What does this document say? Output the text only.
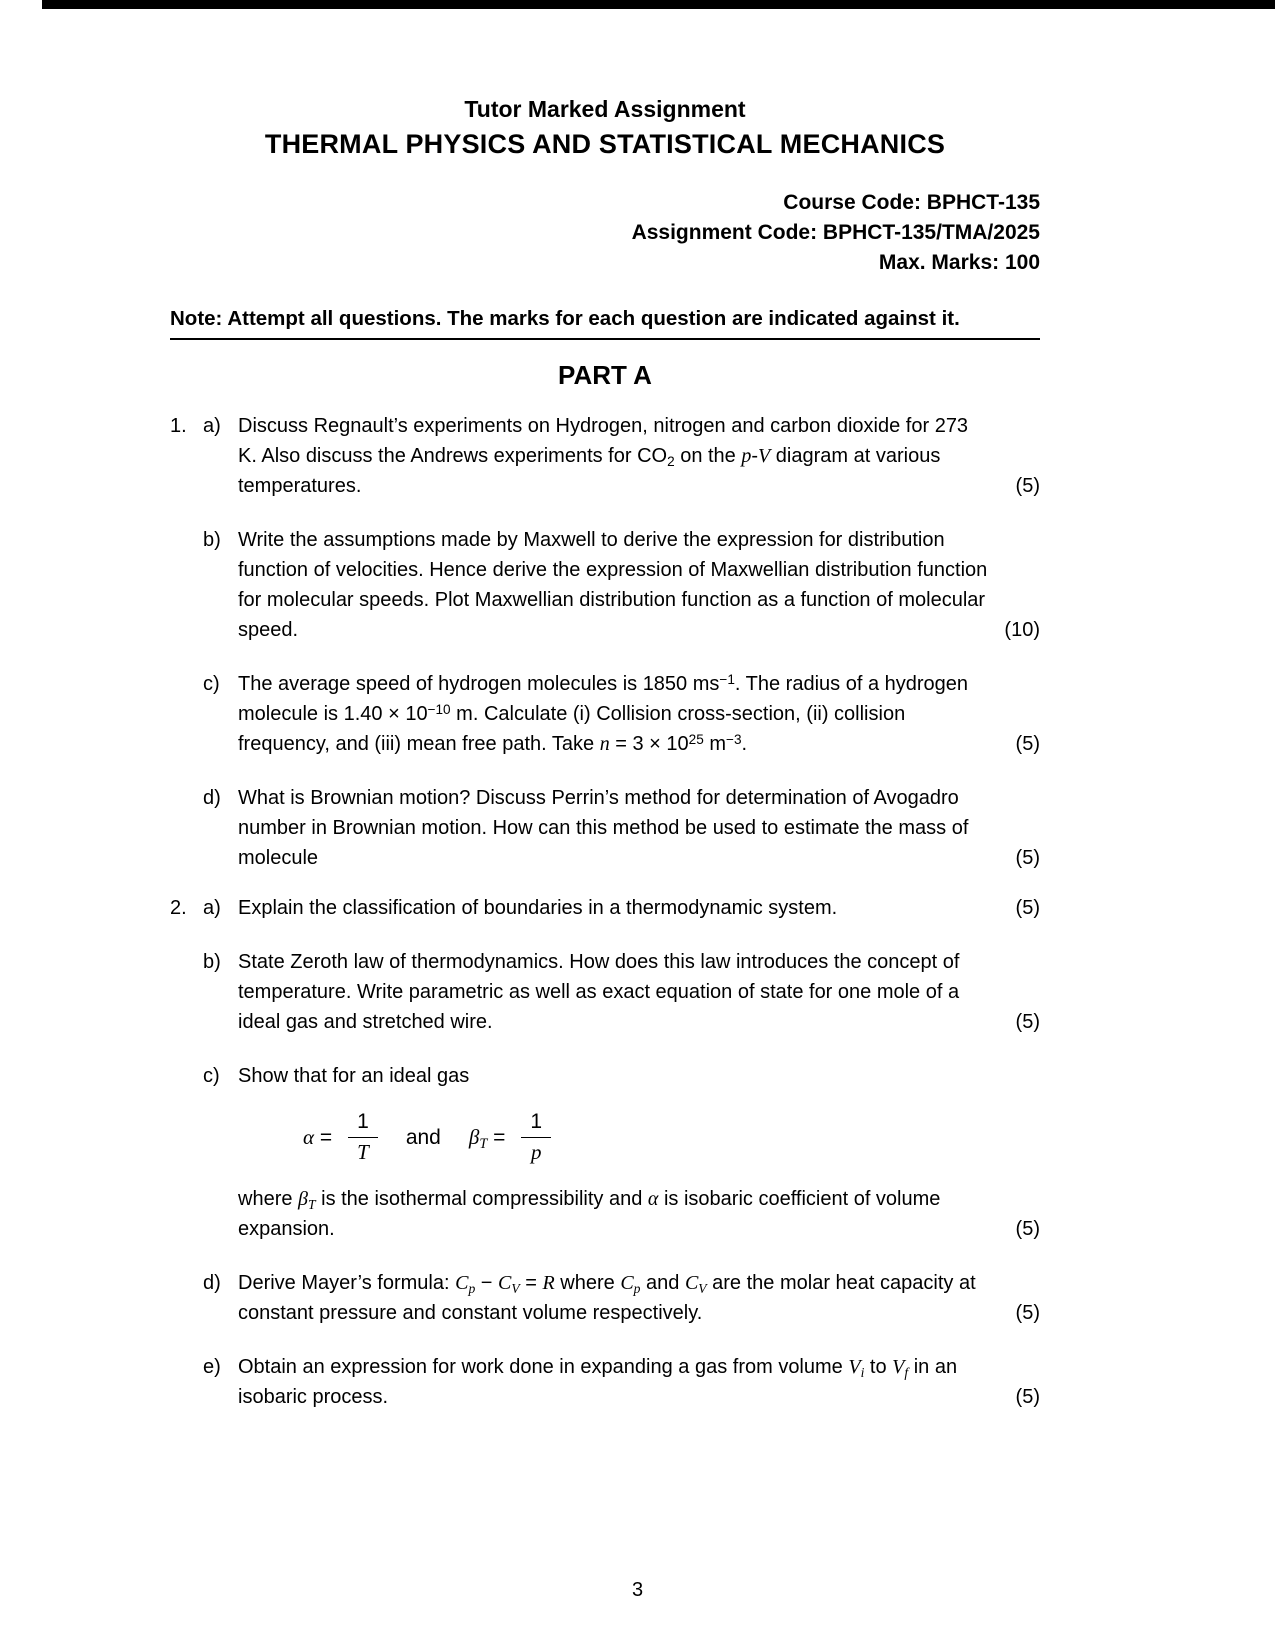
Tutor Marked Assignment
THERMAL PHYSICS AND STATISTICAL MECHANICS
Course Code: BPHCT-135
Assignment Code: BPHCT-135/TMA/2025
Max. Marks: 100
Note: Attempt all questions. The marks for each question are indicated against it.
PART A
1. a) Discuss Regnault’s experiments on Hydrogen, nitrogen and carbon dioxide for 273 K. Also discuss the Andrews experiments for $CO_2$ on the p-V diagram at various temperatures.	(5)
b) Write the assumptions made by Maxwell to derive the expression for distribution function of velocities. Hence derive the expression of Maxwellian distribution function for molecular speeds. Plot Maxwellian distribution function as a function of molecular speed.	(10)
c) The average speed of hydrogen molecules is 1850 $ms^{-1}$. The radius of a hydrogen molecule is $1.40 \times 10^{-10}$ m. Calculate (i) Collision cross-section, (ii) collision frequency, and (iii) mean free path. Take $n = 3 \times 10^{25}$ $m^{-3}$.	(5)
d) What is Brownian motion? Discuss Perrin’s method for determination of Avogadro number in Brownian motion. How can this method be used to estimate the mass of molecule	(5)
2. a) Explain the classification of boundaries in a thermodynamic system.	(5)
b) State Zeroth law of thermodynamics. How does this law introduces the concept of temperature. Write parametric as well as exact equation of state for one mole of a ideal gas and stretched wire.	(5)
c) Show that for an ideal gas
$\alpha = \frac{1}{T}$ and $\beta_T = \frac{1}{p}$
where $\beta_T$ is the isothermal compressibility and α is isobaric coefficient of volume expansion.	(5)
d) Derive Mayer’s formula: $C_p - C_V = R$ where $C_p$ and $C_V$ are the molar heat capacity at constant pressure and constant volume respectively.	(5)
e) Obtain an expression for work done in expanding a gas from volume $V_i$ to $V_f$ in an isobaric process.	(5)
3
